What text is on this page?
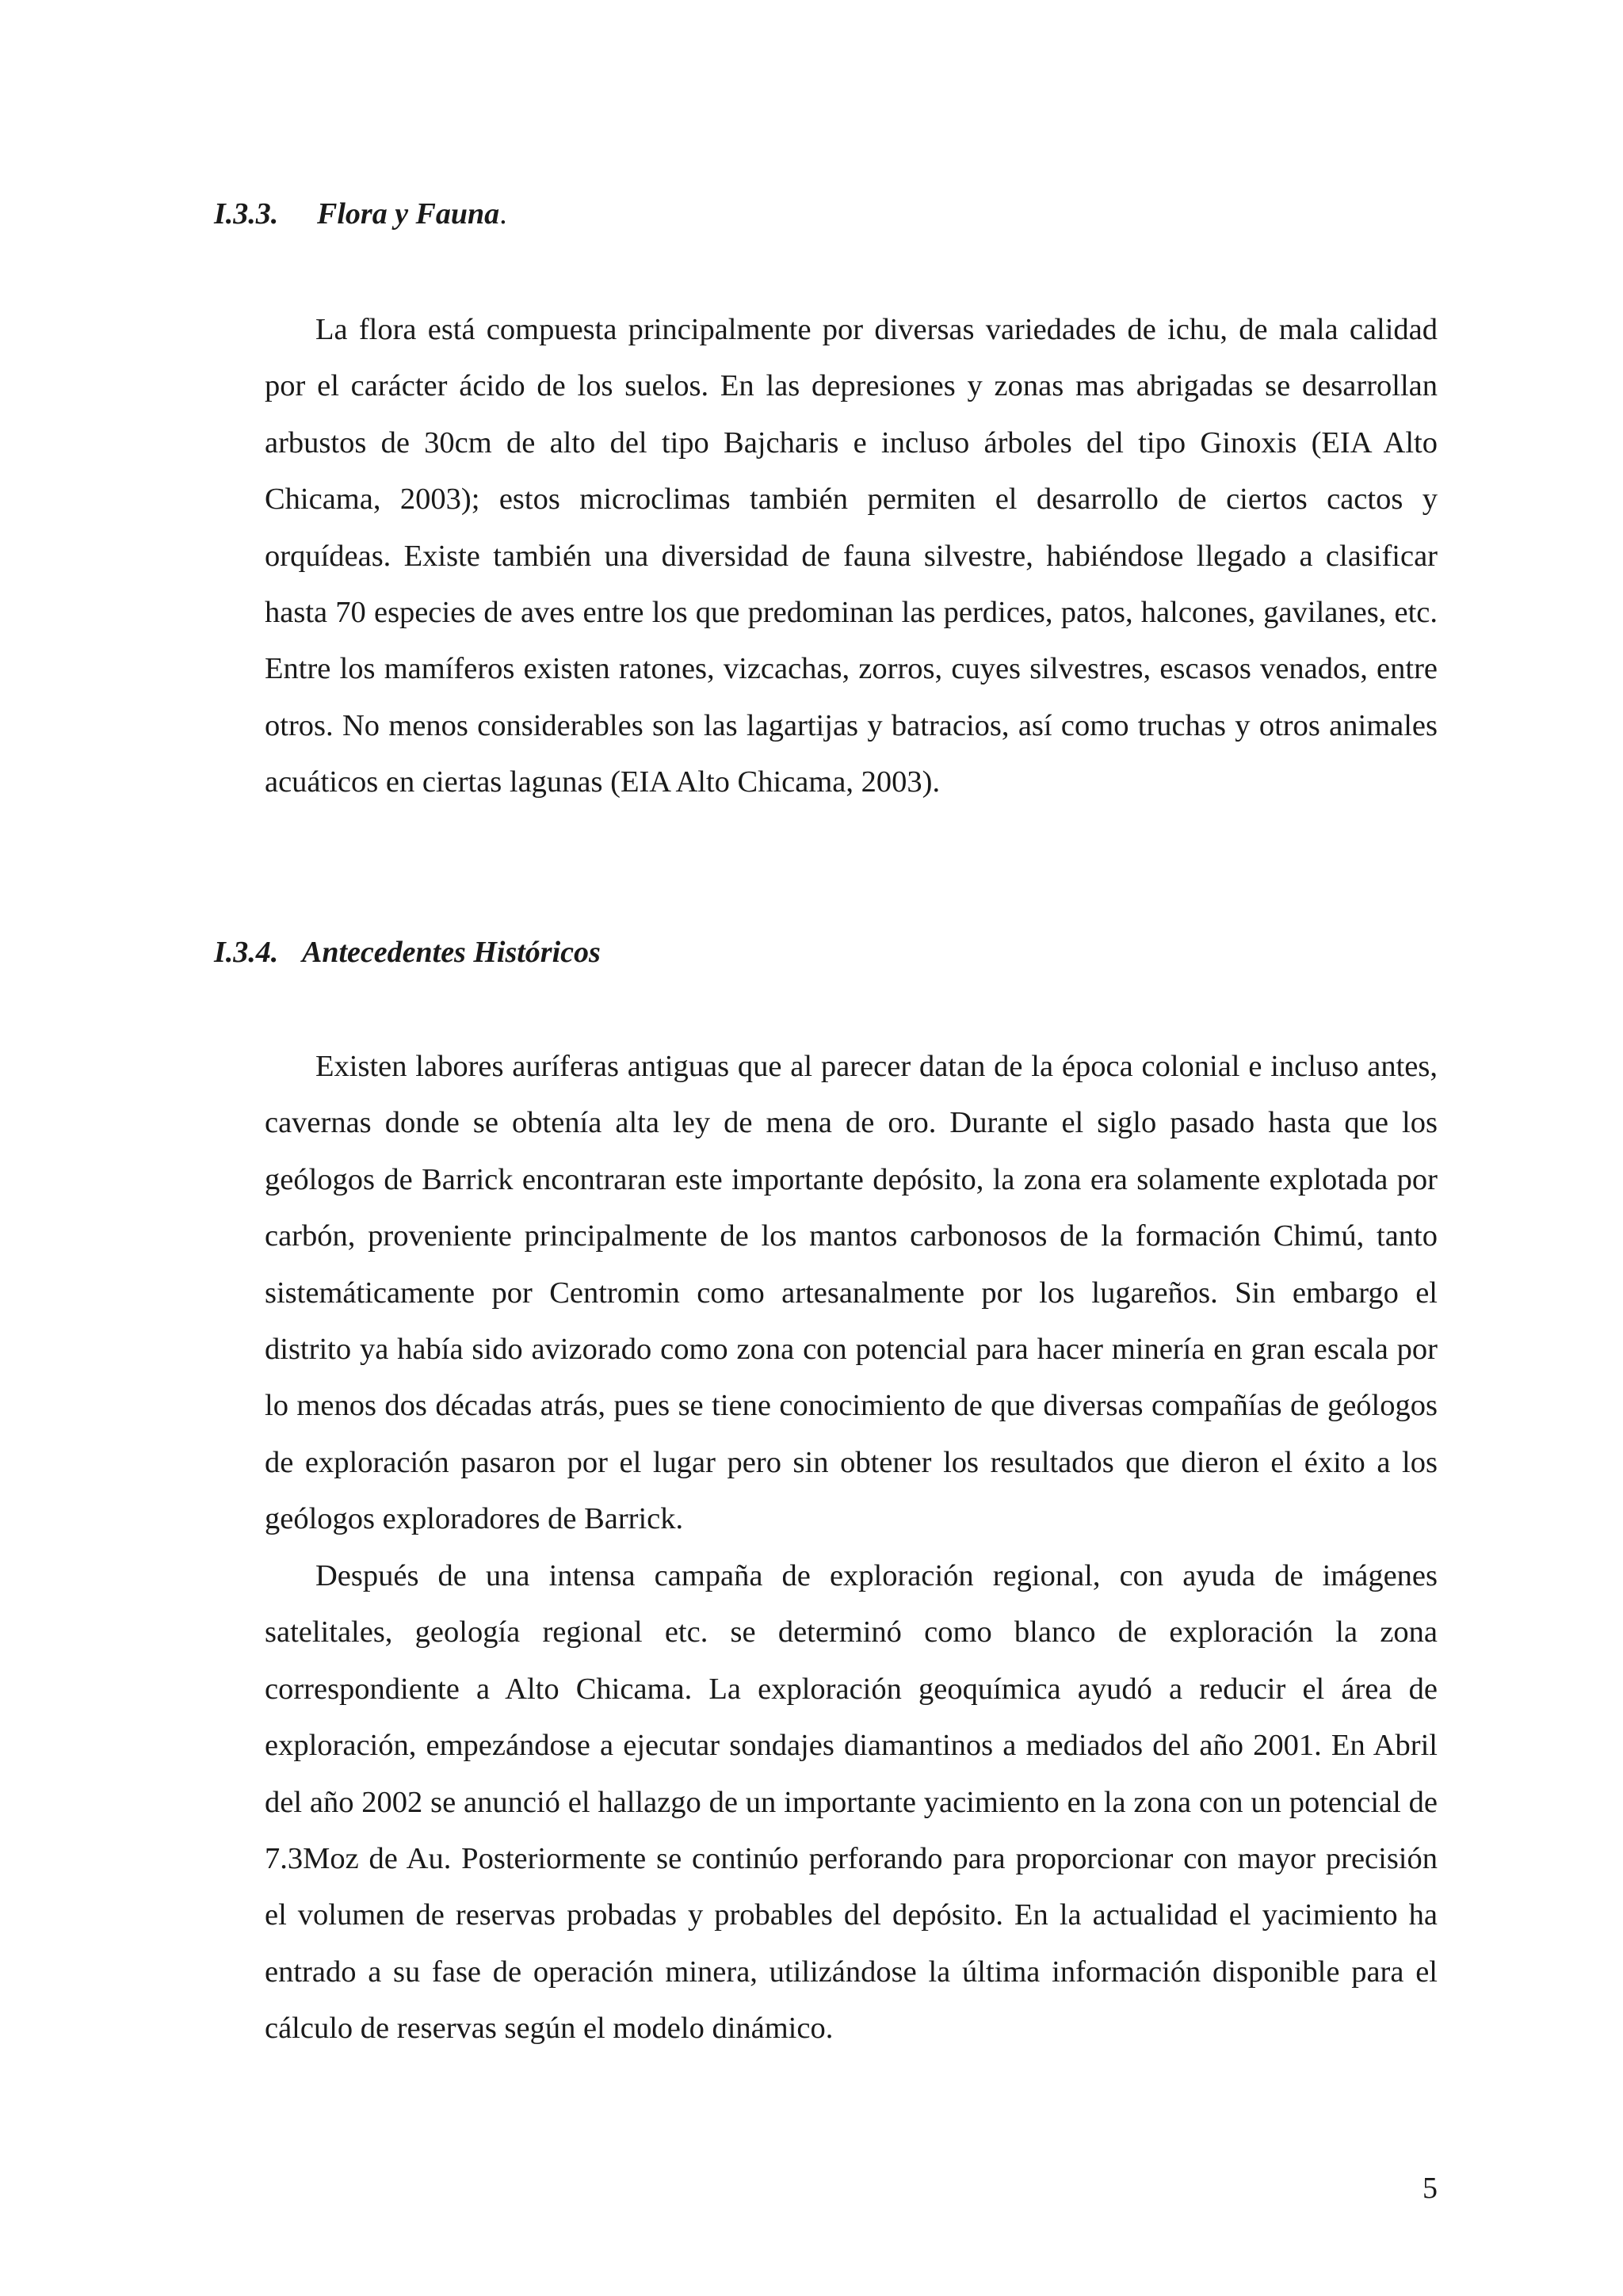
I.3.3. Flora y Fauna.

La flora está compuesta principalmente por diversas variedades de ichu, de mala calidad por el carácter ácido de los suelos. En las depresiones y zonas mas abrigadas se desarrollan arbustos de 30cm de alto del tipo Bajcharis e incluso árboles del tipo Ginoxis (EIA Alto Chicama, 2003); estos microclimas también permiten el desarrollo de ciertos cactos y orquídeas. Existe también una diversidad de fauna silvestre, habiéndose llegado a clasificar hasta 70 especies de aves entre los que predominan las perdices, patos, halcones, gavilanes, etc. Entre los mamíferos existen ratones, vizcachas, zorros, cuyes silvestres, escasos venados, entre otros. No menos considerables son las lagartijas y batracios, así como truchas y otros animales acuáticos en ciertas lagunas (EIA Alto Chicama, 2003).

I.3.4. Antecedentes Históricos

Existen labores auríferas antiguas que al parecer datan de la época colonial e incluso antes, cavernas donde se obtenía alta ley de mena de oro. Durante el siglo pasado hasta que los geólogos de Barrick encontraran este importante depósito, la zona era solamente explotada por carbón, proveniente principalmente de los mantos carbonosos de la formación Chimú, tanto sistemáticamente por Centromin como artesanalmente por los lugareños. Sin embargo el distrito ya había sido avizorado como zona con potencial para hacer minería en gran escala por lo menos dos décadas atrás, pues se tiene conocimiento de que diversas compañías de geólogos de exploración pasaron por el lugar pero sin obtener los resultados que dieron el éxito a los geólogos exploradores de Barrick.

Después de una intensa campaña de exploración regional, con ayuda de imágenes satelitales, geología regional etc. se determinó como blanco de exploración la zona correspondiente a Alto Chicama. La exploración geoquímica ayudó a reducir el área de exploración, empezándose a ejecutar sondajes diamantinos a mediados del año 2001. En Abril del año 2002 se anunció el hallazgo de un importante yacimiento en la zona con un potencial de 7.3Moz de Au. Posteriormente se continúo perforando para proporcionar con mayor precisión el volumen de reservas probadas y probables del depósito. En la actualidad el yacimiento ha entrado a su fase de operación minera, utilizándose la última información disponible para el cálculo de reservas según el modelo dinámico.

5
